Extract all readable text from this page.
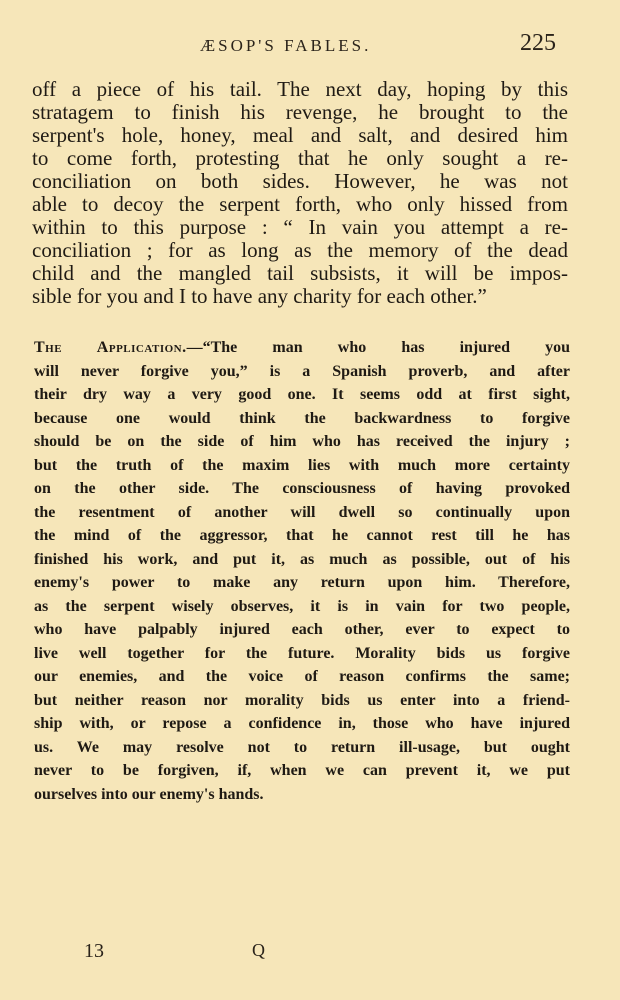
ÆSOP'S FABLES.	225
off a piece of his tail. The next day, hoping by this
stratagem to finish his revenge, he brought to the
serpent's hole, honey, meal and salt, and desired him
to come forth, protesting that he only sought a re-
conciliation on both sides. However, he was not
able to decoy the serpent forth, who only hissed from
within to this purpose : “ In vain you attempt a re-
conciliation ; for as long as the memory of the dead
child and the mangled tail subsists, it will be impos-
sible for you and I to have any charity for each other.”
The Application.—“The man who has injured you
will never forgive you,” is a Spanish proverb, and after
their dry way a very good one. It seems odd at first sight,
because one would think the backwardness to forgive
should be on the side of him who has received the injury ;
but the truth of the maxim lies with much more certainty
on the other side. The consciousness of having provoked
the resentment of another will dwell so continually upon
the mind of the aggressor, that he cannot rest till he has
finished his work, and put it, as much as possible, out of his
enemy's power to make any return upon him. Therefore,
as the serpent wisely observes, it is in vain for two people,
who have palpably injured each other, ever to expect to
live well together for the future. Morality bids us forgive
our enemies, and the voice of reason confirms the same;
but neither reason nor morality bids us enter into a friend-
ship with, or repose a confidence in, those who have injured
us. We may resolve not to return ill-usage, but ought
never to be forgiven, if, when we can prevent it, we put
ourselves into our enemy's hands.
13	Q
